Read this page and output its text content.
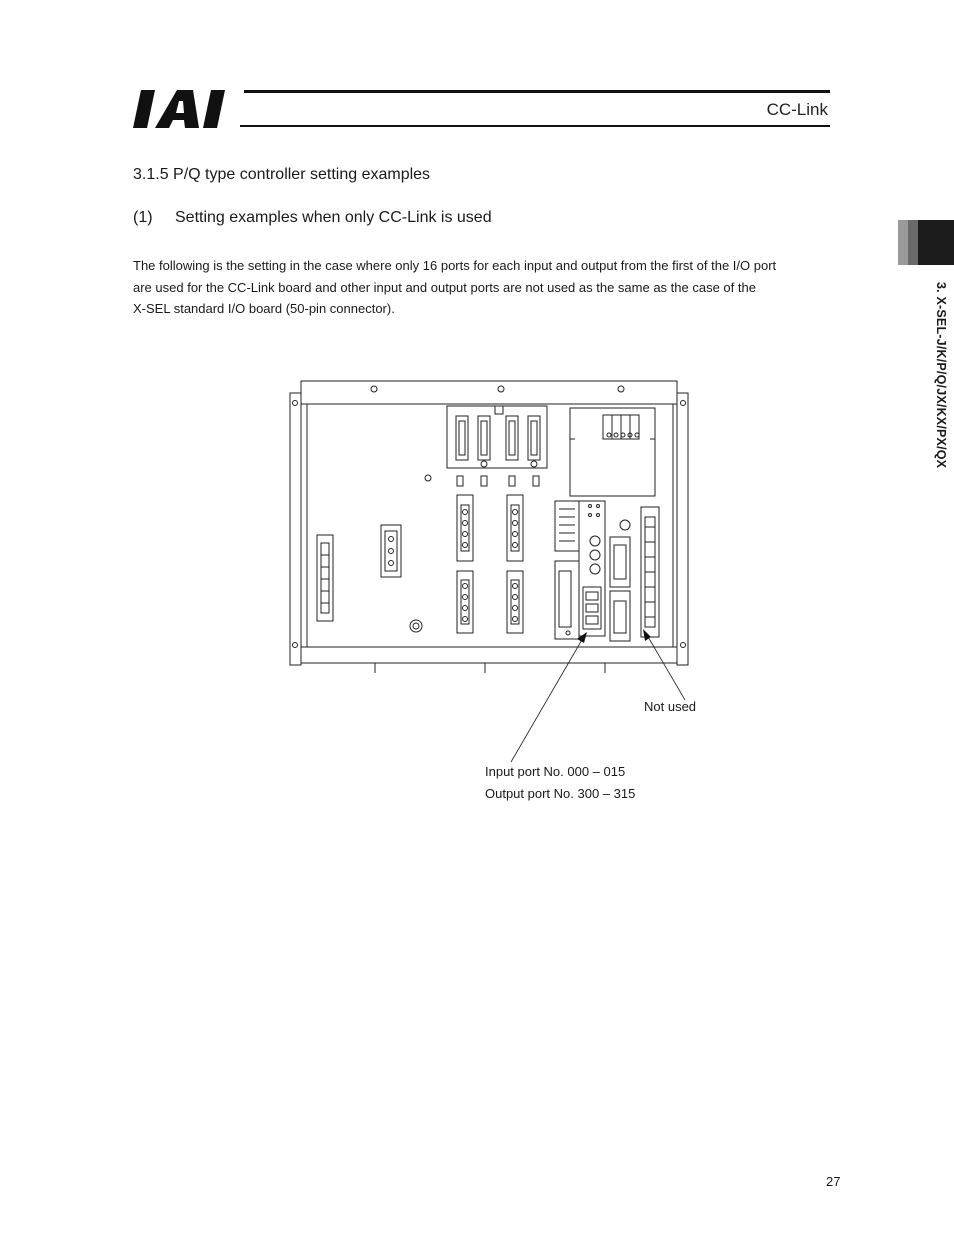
CC-Link
3.1.5 P/Q type controller setting examples
(1) Setting examples when only CC-Link is used
The following is the setting in the case where only 16 ports for each input and output from the first of the I/O port
are used for the CC-Link board and other input and output ports are not used as the same as the case of the
X-SEL standard I/O board (50-pin connector).	3. X-SEL-J/K/P/Q/JX/KX/PX/QX
Not used
Input port No. 000 – 015
Output port No. 300 – 315
27
